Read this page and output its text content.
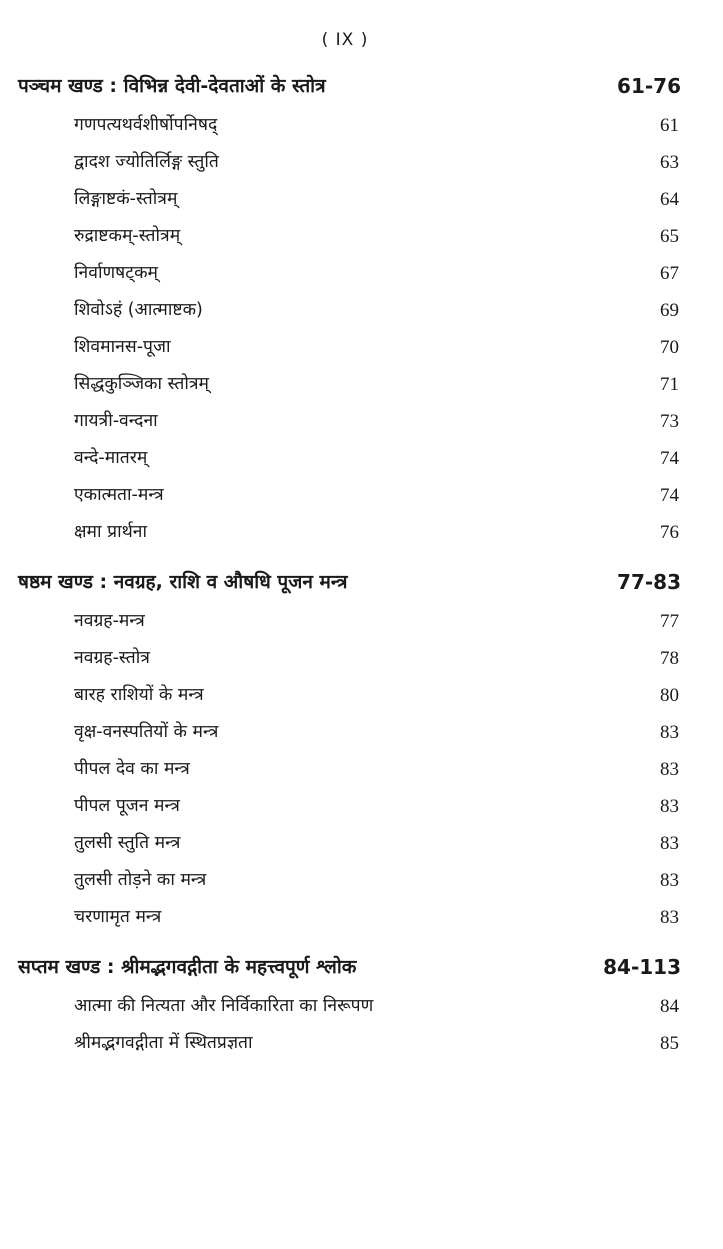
( IX )
पञ्चम खण्ड : विभिन्न देवी-देवताओं के स्तोत्र	61-76
गणपत्यथर्वशीर्षोपनिषद्	61
द्वादश ज्योतिर्लिङ्ग स्तुति	63
लिङ्गाष्टकं-स्तोत्रम्	64
रुद्राष्टकम्-स्तोत्रम्	65
निर्वाणषट्कम्	67
शिवोऽहं (आत्माष्टक)	69
शिवमानस-पूजा	70
सिद्धकुञ्जिका स्तोत्रम्	71
गायत्री-वन्दना	73
वन्दे-मातरम्	74
एकात्मता-मन्त्र	74
क्षमा प्रार्थना	76
षष्ठम खण्ड : नवग्रह, राशि व औषधि पूजन मन्त्र	77-83
नवग्रह-मन्त्र	77
नवग्रह-स्तोत्र	78
बारह राशियों के मन्त्र	80
वृक्ष-वनस्पतियों के मन्त्र	83
पीपल देव का मन्त्र	83
पीपल पूजन मन्त्र	83
तुलसी स्तुति मन्त्र	83
तुलसी तोड़ने का मन्त्र	83
चरणामृत मन्त्र	83
सप्तम खण्ड : श्रीमद्भगवद्गीता के महत्त्वपूर्ण श्लोक	84-113
आत्मा की नित्यता और निर्विकारिता का निरूपण	84
श्रीमद्भगवद्गीता में स्थितप्रज्ञता	85
